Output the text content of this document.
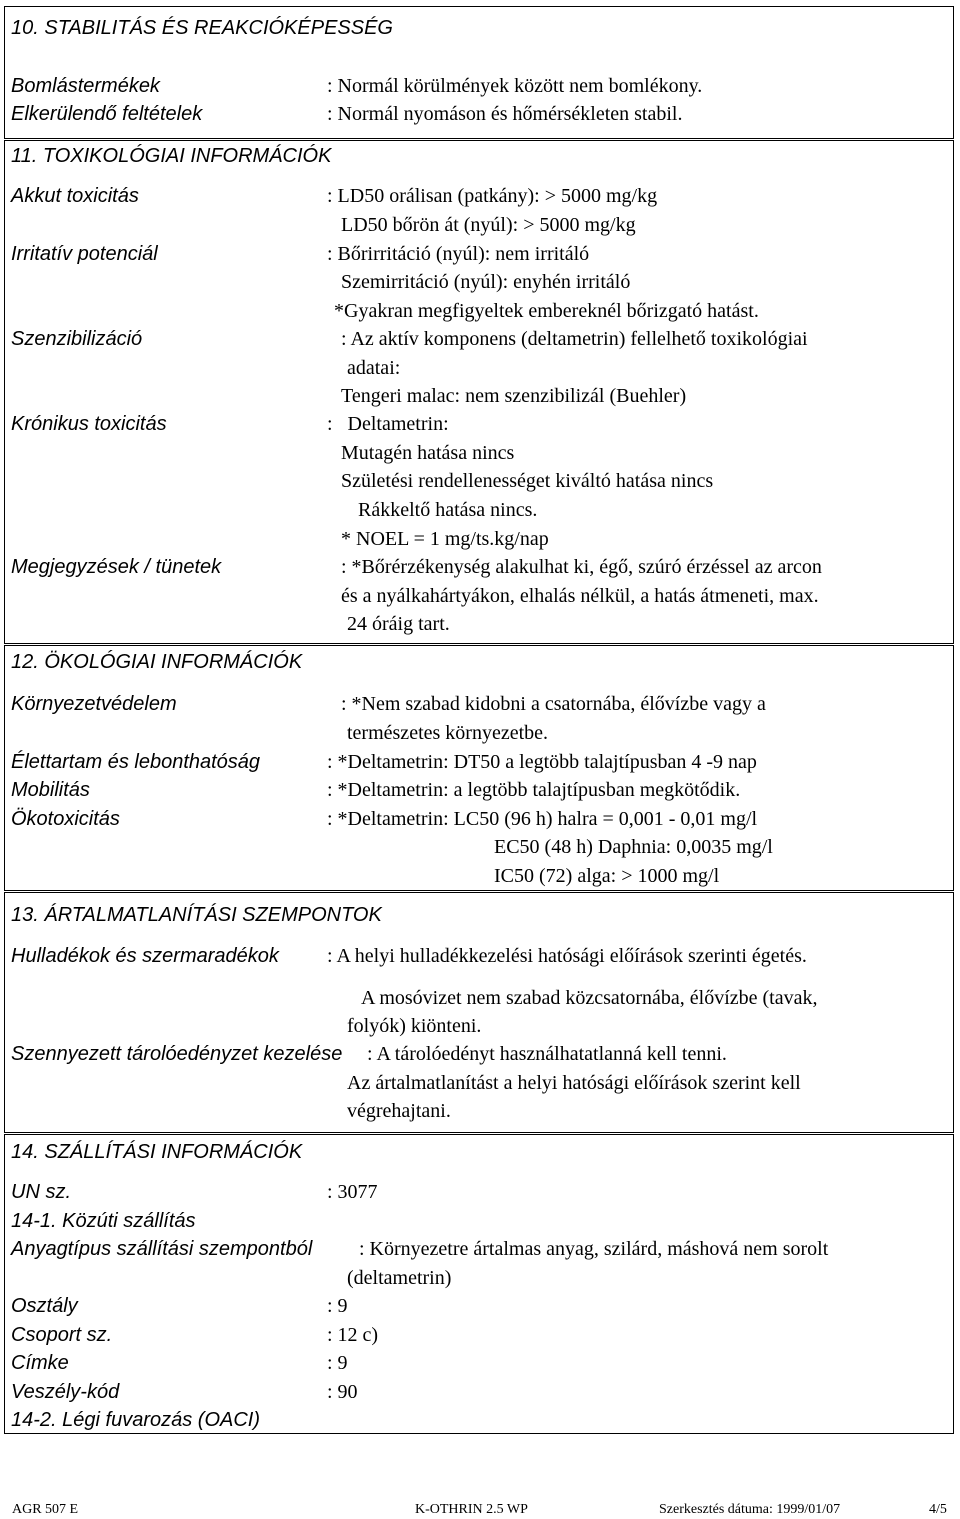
10. STABILITÁS ÉS REAKCIÓKÉPESSÉG
Bomlástermékek	: Normál körülmények között nem bomlékony.
Elkerülendő feltételek	: Normál nyomáson és hőmérsékleten stabil.
11. TOXIKOLÓGIAI INFORMÁCIÓK
Akkut toxicitás	: LD50 orálisan (patkány): > 5000 mg/kg
LD50 bőrön át (nyúl): > 5000 mg/kg
Irritatív potenciál	: Bőrirritáció (nyúl): nem irritáló
Szemirritáció (nyúl): enyhén irritáló
*Gyakran megfigyeltek embereknél bőrizgató hatást.
Szenzibilizáció	: Az aktív komponens (deltametrin) fellelhető toxikológiai
adatai:
Tengeri malac: nem szenzibilizál (Buehler)
Krónikus toxicitás	:   Deltametrin:
Mutagén hatása nincs
Születési rendellenességet kiváltó hatása nincs
Rákkeltő hatása nincs.
* NOEL = 1 mg/ts.kg/nap
Megjegyzések / tünetek	: *Bőrérzékenység alakulhat ki, égő, szúró érzéssel az arcon
és a nyálkahártyákon, elhalás nélkül, a hatás átmeneti, max.
24 óráig tart.
12. ÖKOLÓGIAI INFORMÁCIÓK
Környezetvédelem	: *Nem szabad kidobni a csatornába, élővízbe vagy a
természetes környezetbe.
Élettartam és lebonthatóság	: *Deltametrin: DT50 a legtöbb talajtípusban 4 -9 nap
Mobilitás	: *Deltametrin: a legtöbb talajtípusban megkötődik.
Ökotoxicitás	: *Deltametrin: LC50 (96 h) halra = 0,001 - 0,01 mg/l
EC50 (48 h) Daphnia: 0,0035 mg/l
IC50 (72) alga: > 1000 mg/l
13. ÁRTALMATLANÍTÁSI SZEMPONTOK
Hulladékok és szermaradékok : A helyi hulladékkezelési hatósági előírások szerinti égetés.
A mosóvizet nem szabad közcsatornába, élővízbe (tavak,
folyók) kiönteni.
Szennyezett tárolóedényzet kezelése : A tárolóedényt használhatatlanná kell tenni.
Az ártalmatlanítást a helyi hatósági előírások szerint kell
végrehajtani.
14. SZÁLLÍTÁSI INFORMÁCIÓK
UN sz.	: 3077
14-1. Közúti szállítás
Anyagtípus szállítási szempontból : Környezetre ártalmas anyag, szilárd, máshová nem sorolt
(deltametrin)
Osztály	: 9
Csoport sz.	: 12 c)
Címke	: 9
Veszély-kód	: 90
14-2. Légi fuvarozás (OACI)
AGR 507 E	K-OTHRIN 2.5 WP	Szerkesztés dátuma: 1999/01/07	4/5
